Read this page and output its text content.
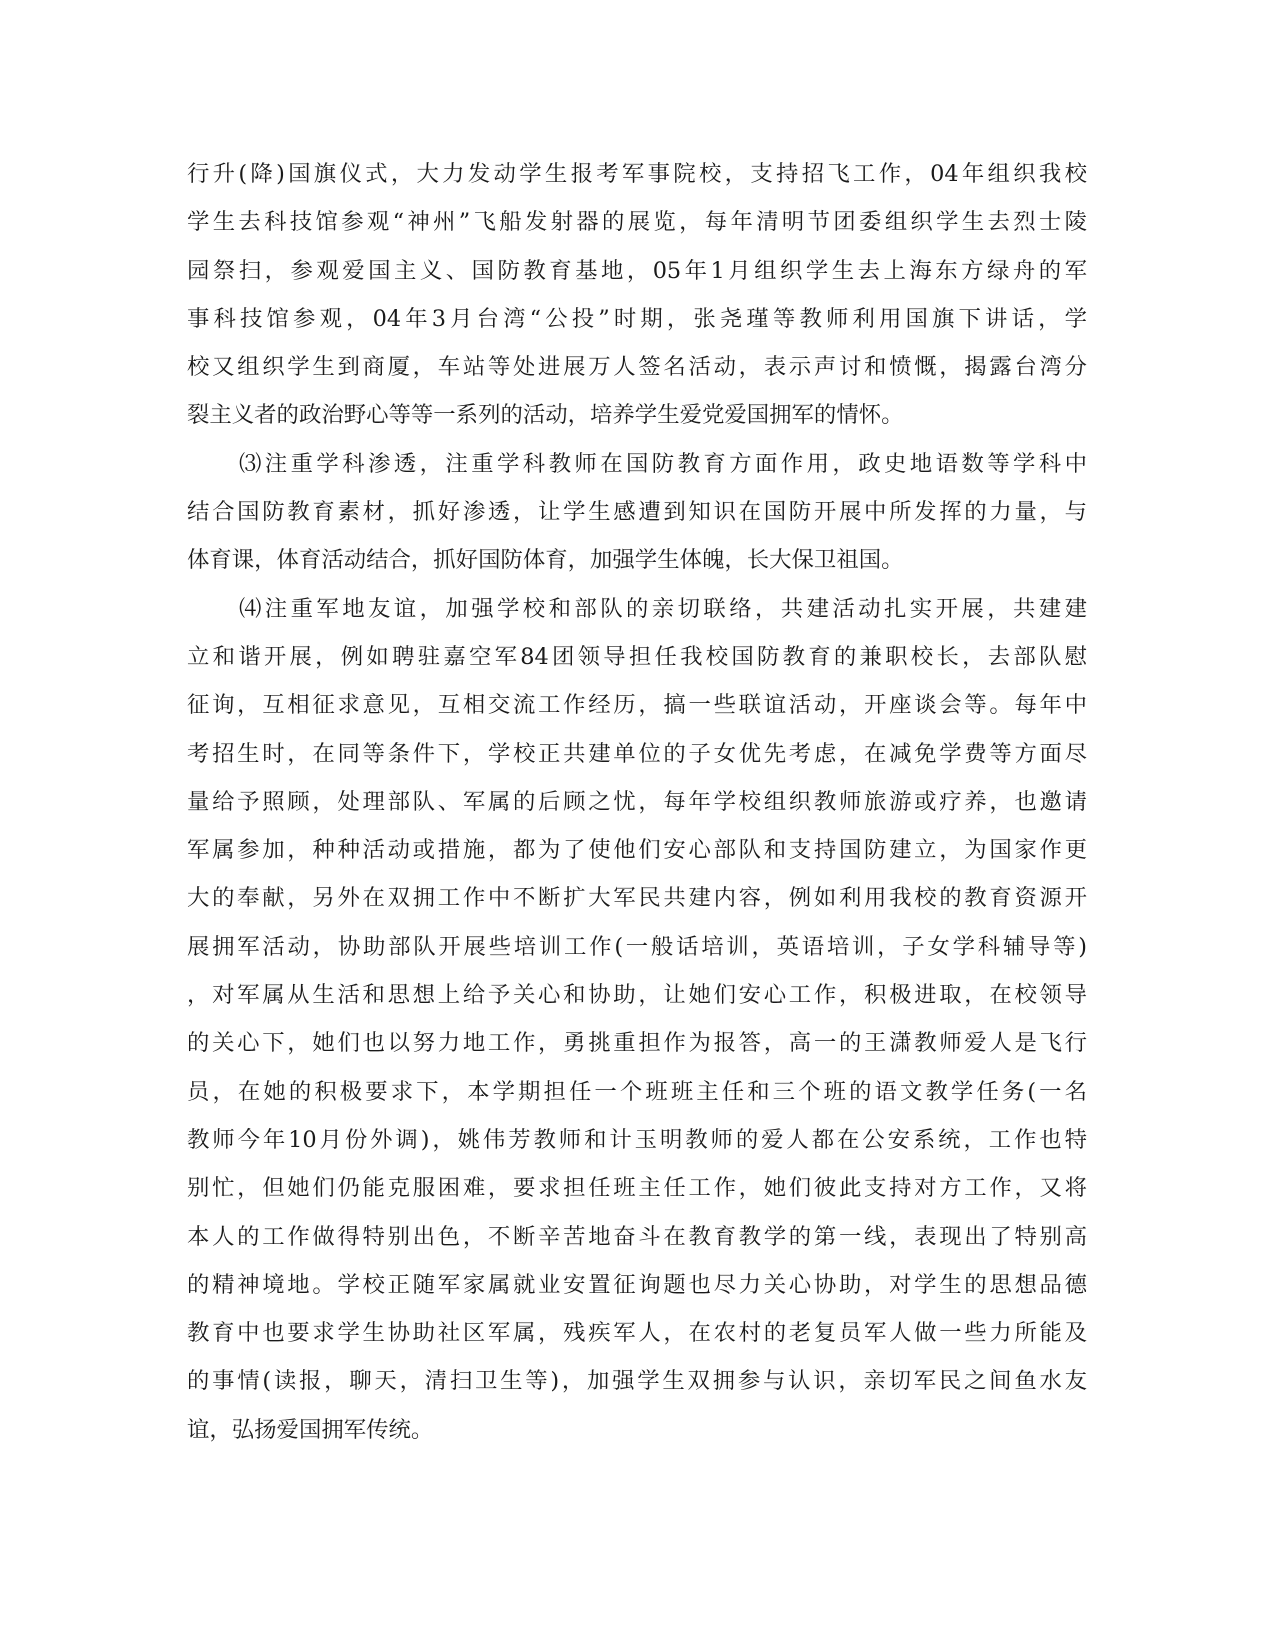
行升(降)国旗仪式，大力发动学生报考军事院校，支持招飞工作，04年组织我校
学生去科技馆参观“神州”飞船发射器的展览，每年清明节团委组织学生去烈士陵
园祭扫，参观爱国主义、国防教育基地，05年1月组织学生去上海东方绿舟的军
事科技馆参观，04年3月台湾“公投”时期，张尧瑾等教师利用国旗下讲话，学
校又组织学生到商厦，车站等处进展万人签名活动，表示声讨和愤慨，揭露台湾分
裂主义者的政治野心等等一系列的活动，培养学生爱党爱国拥军的情怀。
⑶注重学科渗透，注重学科教师在国防教育方面作用，政史地语数等学科中
结合国防教育素材，抓好渗透，让学生感遭到知识在国防开展中所发挥的力量，与
体育课，体育活动结合，抓好国防体育，加强学生体魄，长大保卫祖国。
⑷注重军地友谊，加强学校和部队的亲切联络，共建活动扎实开展，共建建
立和谐开展，例如聘驻嘉空军84团领导担任我校国防教育的兼职校长，去部队慰
征询，互相征求意见，互相交流工作经历，搞一些联谊活动，开座谈会等。每年中
考招生时，在同等条件下，学校正共建单位的子女优先考虑，在减免学费等方面尽
量给予照顾，处理部队、军属的后顾之忧，每年学校组织教师旅游或疗养，也邀请
军属参加，种种活动或措施，都为了使他们安心部队和支持国防建立，为国家作更
大的奉献，另外在双拥工作中不断扩大军民共建内容，例如利用我校的教育资源开
展拥军活动，协助部队开展些培训工作(一般话培训，英语培训，子女学科辅导等)
，对军属从生活和思想上给予关心和协助，让她们安心工作，积极进取，在校领导
的关心下，她们也以努力地工作，勇挑重担作为报答，高一的王潇教师爱人是飞行
员，在她的积极要求下，本学期担任一个班班主任和三个班的语文教学任务(一名
教师今年10月份外调)，姚伟芳教师和计玉明教师的爱人都在公安系统，工作也特
别忙，但她们仍能克服困难，要求担任班主任工作，她们彼此支持对方工作，又将
本人的工作做得特别出色，不断辛苦地奋斗在教育教学的第一线，表现出了特别高
的精神境地。学校正随军家属就业安置征询题也尽力关心协助，对学生的思想品德
教育中也要求学生协助社区军属，残疾军人，在农村的老复员军人做一些力所能及
的事情(读报，聊天，清扫卫生等)，加强学生双拥参与认识，亲切军民之间鱼水友
谊，弘扬爱国拥军传统。
